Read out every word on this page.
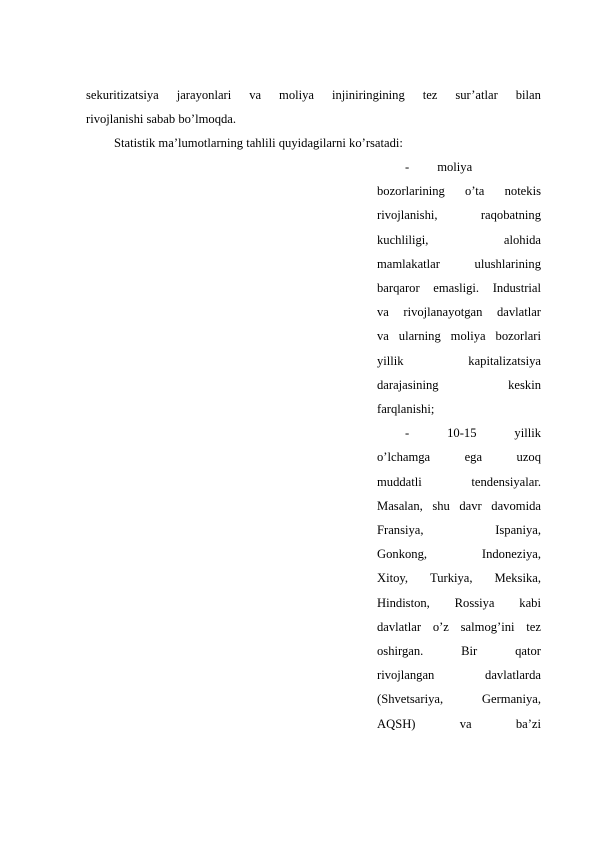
sekuritizatsiya jarayonlari va moliya injiniringining tez sur’atlar bilan
rivojlanishi sabab bo’lmoqda.
Statistik ma’lumotlarning tahlili quyidagilarni ko’rsatadi:
- moliya
bozorlarining o’ta notekis
rivojlanishi,	raqobatning
kuchliligi,	alohida
mamlakatlar	ulushlarining
barqaror emasligi. Industrial
va rivojlanayotgan davlatlar
va ularning moliya bozorlari
yillik	kapitalizatsiya
darajasining	keskin
farqlanishi;
-	10-15	yillik
o’lchamga	ega	uzoq
muddatli	tendensiyalar.
Masalan, shu davr davomida
Fransiya,	Ispaniya,
Gonkong,	Indoneziya,
Xitoy, Turkiya, Meksika,
Hindiston, Rossiya kabi
davlatlar o’z salmog’ini tez
oshirgan.	Bir	qator
rivojlangan	davlatlarda
(Shvetsariya,	Germaniya,
AQSH)	va	ba’zi
